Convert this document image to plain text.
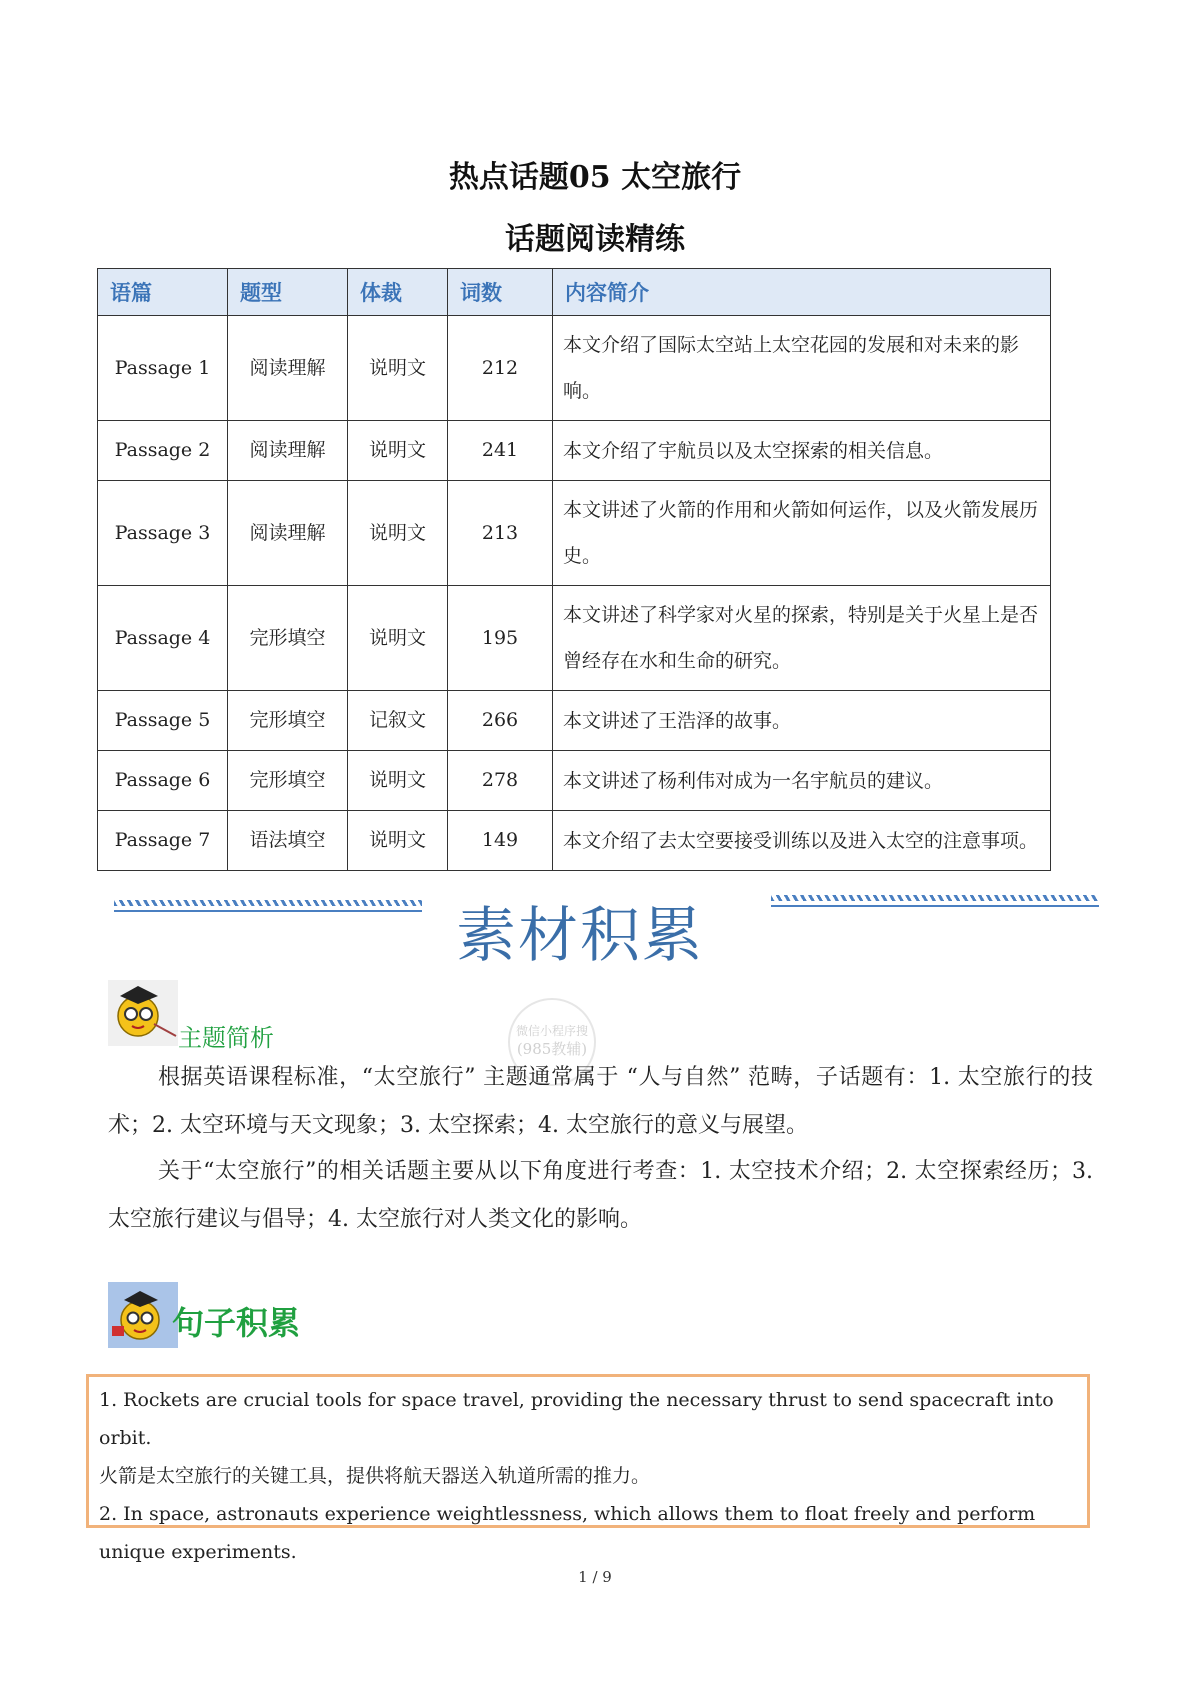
热点话题05 太空旅行
话题阅读精练
语篇	题型	体裁	词数	内容简介
Passage 1	阅读理解	说明文	212	本文介绍了国际太空站上太空花园的发展和对未来的影响。
Passage 2	阅读理解	说明文	241	本文介绍了宇航员以及太空探索的相关信息。
Passage 3	阅读理解	说明文	213	本文讲述了火箭的作用和火箭如何运作，以及火箭发展历史。
Passage 4	完形填空	说明文	195	本文讲述了科学家对火星的探索，特别是关于火星上是否曾经存在水和生命的研究。
Passage 5	完形填空	记叙文	266	本文讲述了王浩泽的故事。
Passage 6	完形填空	说明文	278	本文讲述了杨利伟对成为一名宇航员的建议。
Passage 7	语法填空	说明文	149	本文介绍了去太空要接受训练以及进入太空的注意事项。
素材积累
主题简析	微信小程序搜
(985教辅)
根据英语课程标准，“太空旅行” 主题通常属于 “人与自然” 范畴，子话题有：1. 太空旅行的技术；2. 太空环境与天文现象；3. 太空探索；4. 太空旅行的意义与展望。
关于“太空旅行”的相关话题主要从以下角度进行考查：1. 太空技术介绍；2. 太空探索经历；3. 太空旅行建议与倡导；4. 太空旅行对人类文化的影响。
句子积累
1. Rockets are crucial tools for space travel, providing the necessary thrust to send spacecraft into orbit.
火箭是太空旅行的关键工具，提供将航天器送入轨道所需的推力。
2. In space, astronauts experience weightlessness, which allows them to float freely and perform unique experiments.
1 / 9
